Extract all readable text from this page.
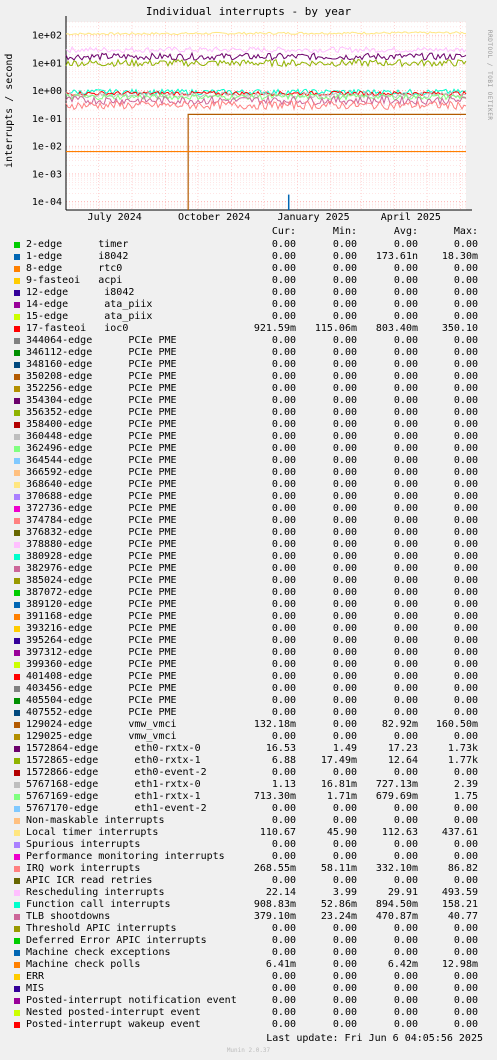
Individual interrupts - by year
interrupts / second	RRDTOOL / TOBI OETIKER
1e-04
1e-03
1e-02
1e-01
1e+00
1e+01
1e+02
July 2024	October 2024	January 2025	April 2025
Cur:	Min:	Avg:	Max:
2-edge      timer	0.00	0.00	0.00	0.00
1-edge      i8042	0.00	0.00	173.61n	18.30m
8-edge      rtc0	0.00	0.00	0.00	0.00
9-fasteoi   acpi	0.00	0.00	0.00	0.00
12-edge      i8042	0.00	0.00	0.00	0.00
14-edge      ata_piix	0.00	0.00	0.00	0.00
15-edge      ata_piix	0.00	0.00	0.00	0.00
17-fasteoi   ioc0	921.59m	115.06m	803.40m	350.10
344064-edge      PCIe PME	0.00	0.00	0.00	0.00
346112-edge      PCIe PME	0.00	0.00	0.00	0.00
348160-edge      PCIe PME	0.00	0.00	0.00	0.00
350208-edge      PCIe PME	0.00	0.00	0.00	0.00
352256-edge      PCIe PME	0.00	0.00	0.00	0.00
354304-edge      PCIe PME	0.00	0.00	0.00	0.00
356352-edge      PCIe PME	0.00	0.00	0.00	0.00
358400-edge      PCIe PME	0.00	0.00	0.00	0.00
360448-edge      PCIe PME	0.00	0.00	0.00	0.00
362496-edge      PCIe PME	0.00	0.00	0.00	0.00
364544-edge      PCIe PME	0.00	0.00	0.00	0.00
366592-edge      PCIe PME	0.00	0.00	0.00	0.00
368640-edge      PCIe PME	0.00	0.00	0.00	0.00
370688-edge      PCIe PME	0.00	0.00	0.00	0.00
372736-edge      PCIe PME	0.00	0.00	0.00	0.00
374784-edge      PCIe PME	0.00	0.00	0.00	0.00
376832-edge      PCIe PME	0.00	0.00	0.00	0.00
378880-edge      PCIe PME	0.00	0.00	0.00	0.00
380928-edge      PCIe PME	0.00	0.00	0.00	0.00
382976-edge      PCIe PME	0.00	0.00	0.00	0.00
385024-edge      PCIe PME	0.00	0.00	0.00	0.00
387072-edge      PCIe PME	0.00	0.00	0.00	0.00
389120-edge      PCIe PME	0.00	0.00	0.00	0.00
391168-edge      PCIe PME	0.00	0.00	0.00	0.00
393216-edge      PCIe PME	0.00	0.00	0.00	0.00
395264-edge      PCIe PME	0.00	0.00	0.00	0.00
397312-edge      PCIe PME	0.00	0.00	0.00	0.00
399360-edge      PCIe PME	0.00	0.00	0.00	0.00
401408-edge      PCIe PME	0.00	0.00	0.00	0.00
403456-edge      PCIe PME	0.00	0.00	0.00	0.00
405504-edge      PCIe PME	0.00	0.00	0.00	0.00
407552-edge      PCIe PME	0.00	0.00	0.00	0.00
129024-edge      vmw_vmci	132.18m	0.00	82.92m	160.50m
129025-edge      vmw_vmci	0.00	0.00	0.00	0.00
1572864-edge      eth0-rxtx-0	16.53	1.49	17.23	1.73k
1572865-edge      eth0-rxtx-1	6.88	17.49m	12.64	1.77k
1572866-edge      eth0-event-2	0.00	0.00	0.00	0.00
5767168-edge      eth1-rxtx-0	1.13	16.81m	727.13m	2.39
5767169-edge      eth1-rxtx-1	713.30m	1.71m	679.69m	1.75
5767170-edge      eth1-event-2	0.00	0.00	0.00	0.00
Non-maskable interrupts	0.00	0.00	0.00	0.00
Local timer interrupts	110.67	45.90	112.63	437.61
Spurious interrupts	0.00	0.00	0.00	0.00
Performance monitoring interrupts	0.00	0.00	0.00	0.00
IRQ work interrupts	268.55m	58.11m	332.10m	86.82
APIC ICR read retries	0.00	0.00	0.00	0.00
Rescheduling interrupts	22.14	3.99	29.91	493.59
Function call interrupts	908.83m	52.86m	894.50m	158.21
TLB shootdowns	379.10m	23.24m	470.87m	40.77
Threshold APIC interrupts	0.00	0.00	0.00	0.00
Deferred Error APIC interrupts	0.00	0.00	0.00	0.00
Machine check exceptions	0.00	0.00	0.00	0.00
Machine check polls	6.41m	0.00	6.42m	12.98m
ERR	0.00	0.00	0.00	0.00
MIS	0.00	0.00	0.00	0.00
Posted-interrupt notification event	0.00	0.00	0.00	0.00
Nested posted-interrupt event	0.00	0.00	0.00	0.00
Posted-interrupt wakeup event	0.00	0.00	0.00	0.00
Last update: Fri Jun 6 04:05:56 2025
Munin 2.0.37
